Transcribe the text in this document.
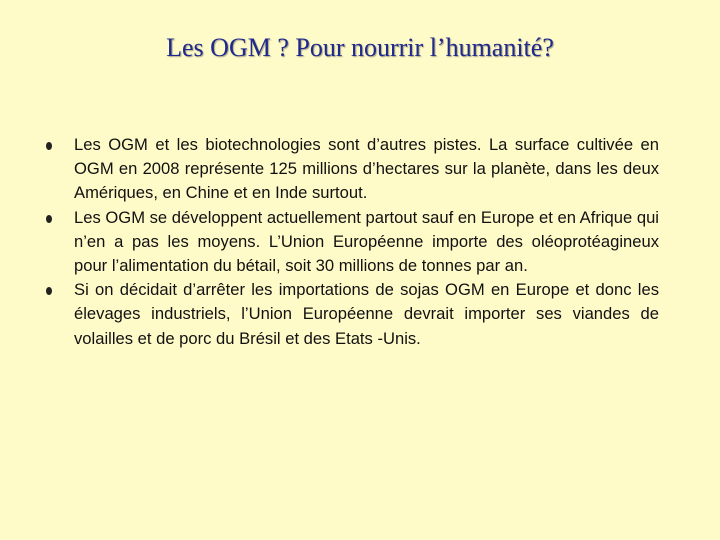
Les OGM ? Pour nourrir l’humanité?
Les OGM et les biotechnologies sont d’autres pistes. La surface cultivée en OGM en 2008 représente 125 millions d’hectares sur la planète, dans les deux Amériques, en Chine et en Inde surtout.
Les OGM se développent actuellement partout sauf en Europe et en Afrique qui n’en a pas les moyens. L’Union Européenne importe des oléoprotéagineux pour l’alimentation du bétail, soit 30 millions de tonnes par an.
Si on décidait d’arrêter les importations de sojas OGM en Europe et donc les élevages industriels, l’Union Européenne devrait importer ses viandes de volailles et de porc du Brésil et des Etats -Unis.
